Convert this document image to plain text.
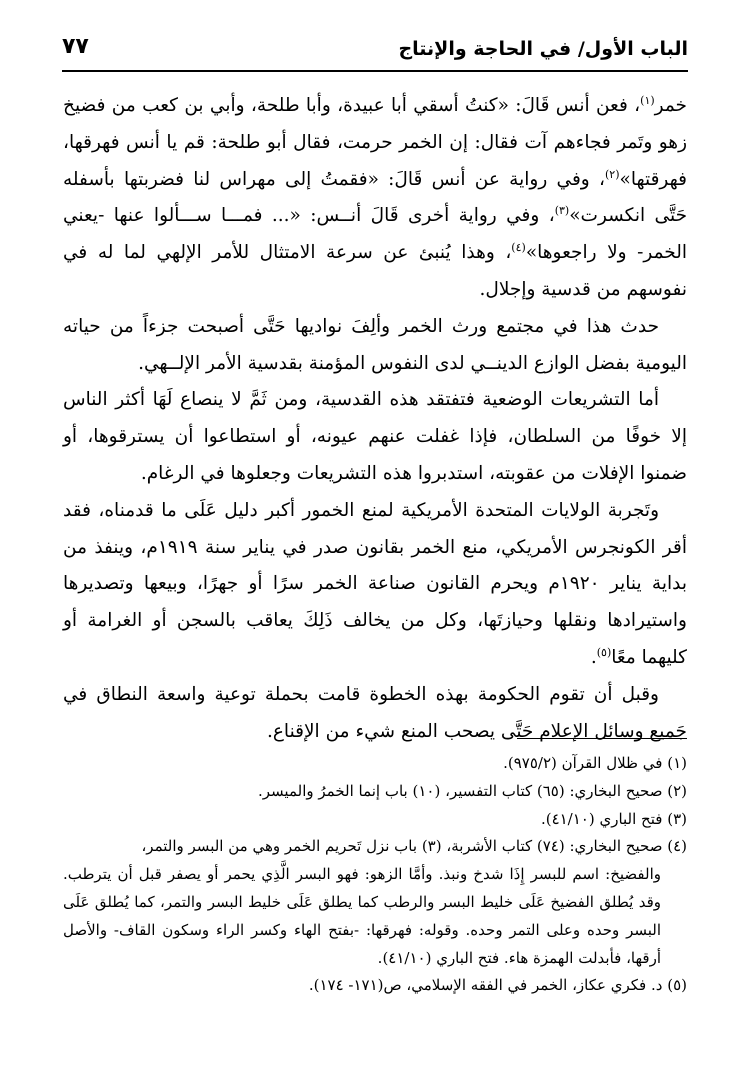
الباب الأول/ في الحاجة والإنتاج
٧٧

خمر$^{(١)}$، فعن أنس قَالَ: «كنتُ أسقي أبا عبيدة، وأبا طلحة، وأبي بن كعب من فضيخ زهو وتَمر فجاءهم آت فقال: إن الخمر حرمت، فقال أبو طلحة: قم يا أنس فهرقها، فهرقتها»$^{(٢)}$، وفي رواية عن أنس قَالَ: «فقمتُ إلى مهراس لنا فضربتها بأسفله حَتَّى انكسرت»$^{(٣)}$، وفي رواية أخرى قَالَ أنــس: «... فمـــا ســـألوا عنها -يعني الخمر- ولا راجعوها»$^{(٤)}$، وهذا يُنبئ عن سرعة الامتثال للأمر الإلهي لما له في نفوسهم من قدسية وإجلال.

حدث هذا في مجتمع ورث الخمر وألِفَ نواديها حَتَّى أصبحت جزءاً من حياته اليومية بفضل الوازع الدينــي لدى النفوس المؤمنة بقدسية الأمر الإلــهي.

أما التشريعات الوضعية فتفتقد هذه القدسية، ومن ثَمَّ لا ينصاع لَهَا أكثر الناس إلا خوفًا من السلطان، فإذا غفلت عنهم عيونه، أو استطاعوا أن يسترقوها، أو ضمنوا الإفلات من عقوبته، استدبروا هذه التشريعات وجعلوها في الرغام.

وتَجربة الولايات المتحدة الأمريكية لمنع الخمور أكبر دليل عَلَى ما قدمناه، فقد أقر الكونجرس الأمريكي، منع الخمر بقانون صدر في يناير سنة ١٩١٩م، وينفذ من بداية يناير ١٩٢٠م ويحرم القانون صناعة الخمر سرًا أو جهرًا، وبيعها وتصديرها واستيرادها ونقلها وحيازتَها، وكل من يخالف ذَلِكَ يعاقب بالسجن أو الغرامة أو كليهما معًا$^{(٥)}$.

وقبل أن تقوم الحكومة بهذه الخطوة قامت بحملة توعية واسعة النطاق في جَميع وسائل الإعلام حَتَّى يصحب المنع شيء من الإقناع.

(١) في ظلال القرآن (٩٧٥/٢).

(٢) صحيح البخاري: (٦٥) كتاب التفسير، (١٠) باب إنما الخمرُ والميسر.

(٣) فتح الباري (٤١/١٠).

(٤) صحيح البخاري: (٧٤) كتاب الأشربة، (٣) باب نزل تَحريم الخمر وهي من البسر والتمر،

والفضيخ: اسم للبسر إِذَا شدخ ونبذ. وأمَّا الزهو: فهو البسر الَّذِي يحمر أو يصفر قبل أن يترطب. وقد يُطلق الفضيخ عَلَى خليط البسر والرطب كما يطلق عَلَى خليط البسر والتمر، كما يُطلق عَلَى البسر وحده وعلى التمر وحده. وقوله: فهرقها: -بفتح الهاء وكسر الراء وسكون القاف- والأصل أرقها، فأبدلت الهمزة هاء. فتح الباري (٤١/١٠).

(٥) د. فكري عكاز، الخمر في الفقه الإسلامي، ص(١٧١- ١٧٤).
